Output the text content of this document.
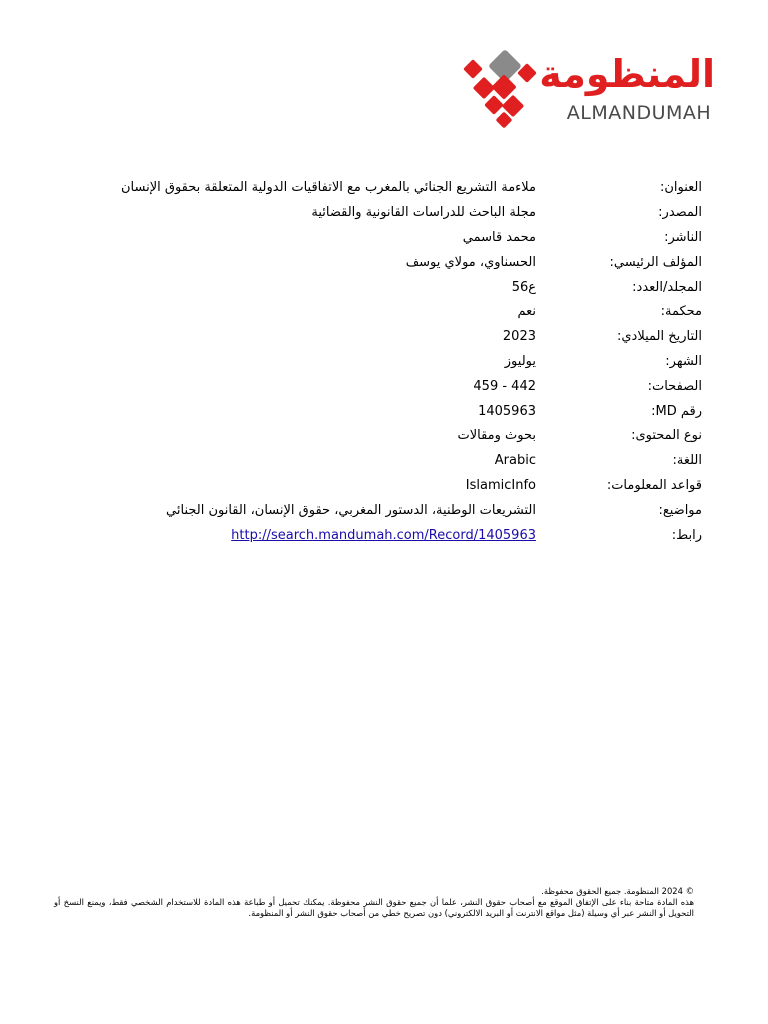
المنظومة
ALMANDUMAH
العنوان:
ملاءمة التشريع الجنائي بالمغرب مع الاتفاقيات الدولية المتعلقة بحقوق الإنسان
المصدر:
مجلة الباحث للدراسات القانونية والقضائية
الناشر:
محمد قاسمي
المؤلف الرئيسي:
الحسناوي، مولاي يوسف
المجلد/العدد:
ع56
محكمة:
نعم
التاريخ الميلادي:
2023
الشهر:
يوليوز
الصفحات:
459 - 442
رقم MD:
1405963
نوع المحتوى:
بحوث ومقالات
اللغة:
Arabic
قواعد المعلومات:
IslamicInfo
مواضيع:
التشريعات الوطنية، الدستور المغربي، حقوق الإنسان، القانون الجنائي
رابط:
http://search.mandumah.com/Record/1405963

© 2024 المنظومة. جميع الحقوق محفوظة.

هذه المادة متاحة بناء على الإتفاق الموقع مع أصحاب حقوق النشر، علما أن جميع حقوق النشر محفوظة. يمكنك تحميل أو طباعة هذه المادة للاستخدام الشخصي فقط، ويمنع النسخ أو التحويل أو النشر عبر أي وسيلة (مثل مواقع الانترنت أو البريد الالكتروني) دون تصريح خطي من أصحاب حقوق النشر أو المنظومة.
